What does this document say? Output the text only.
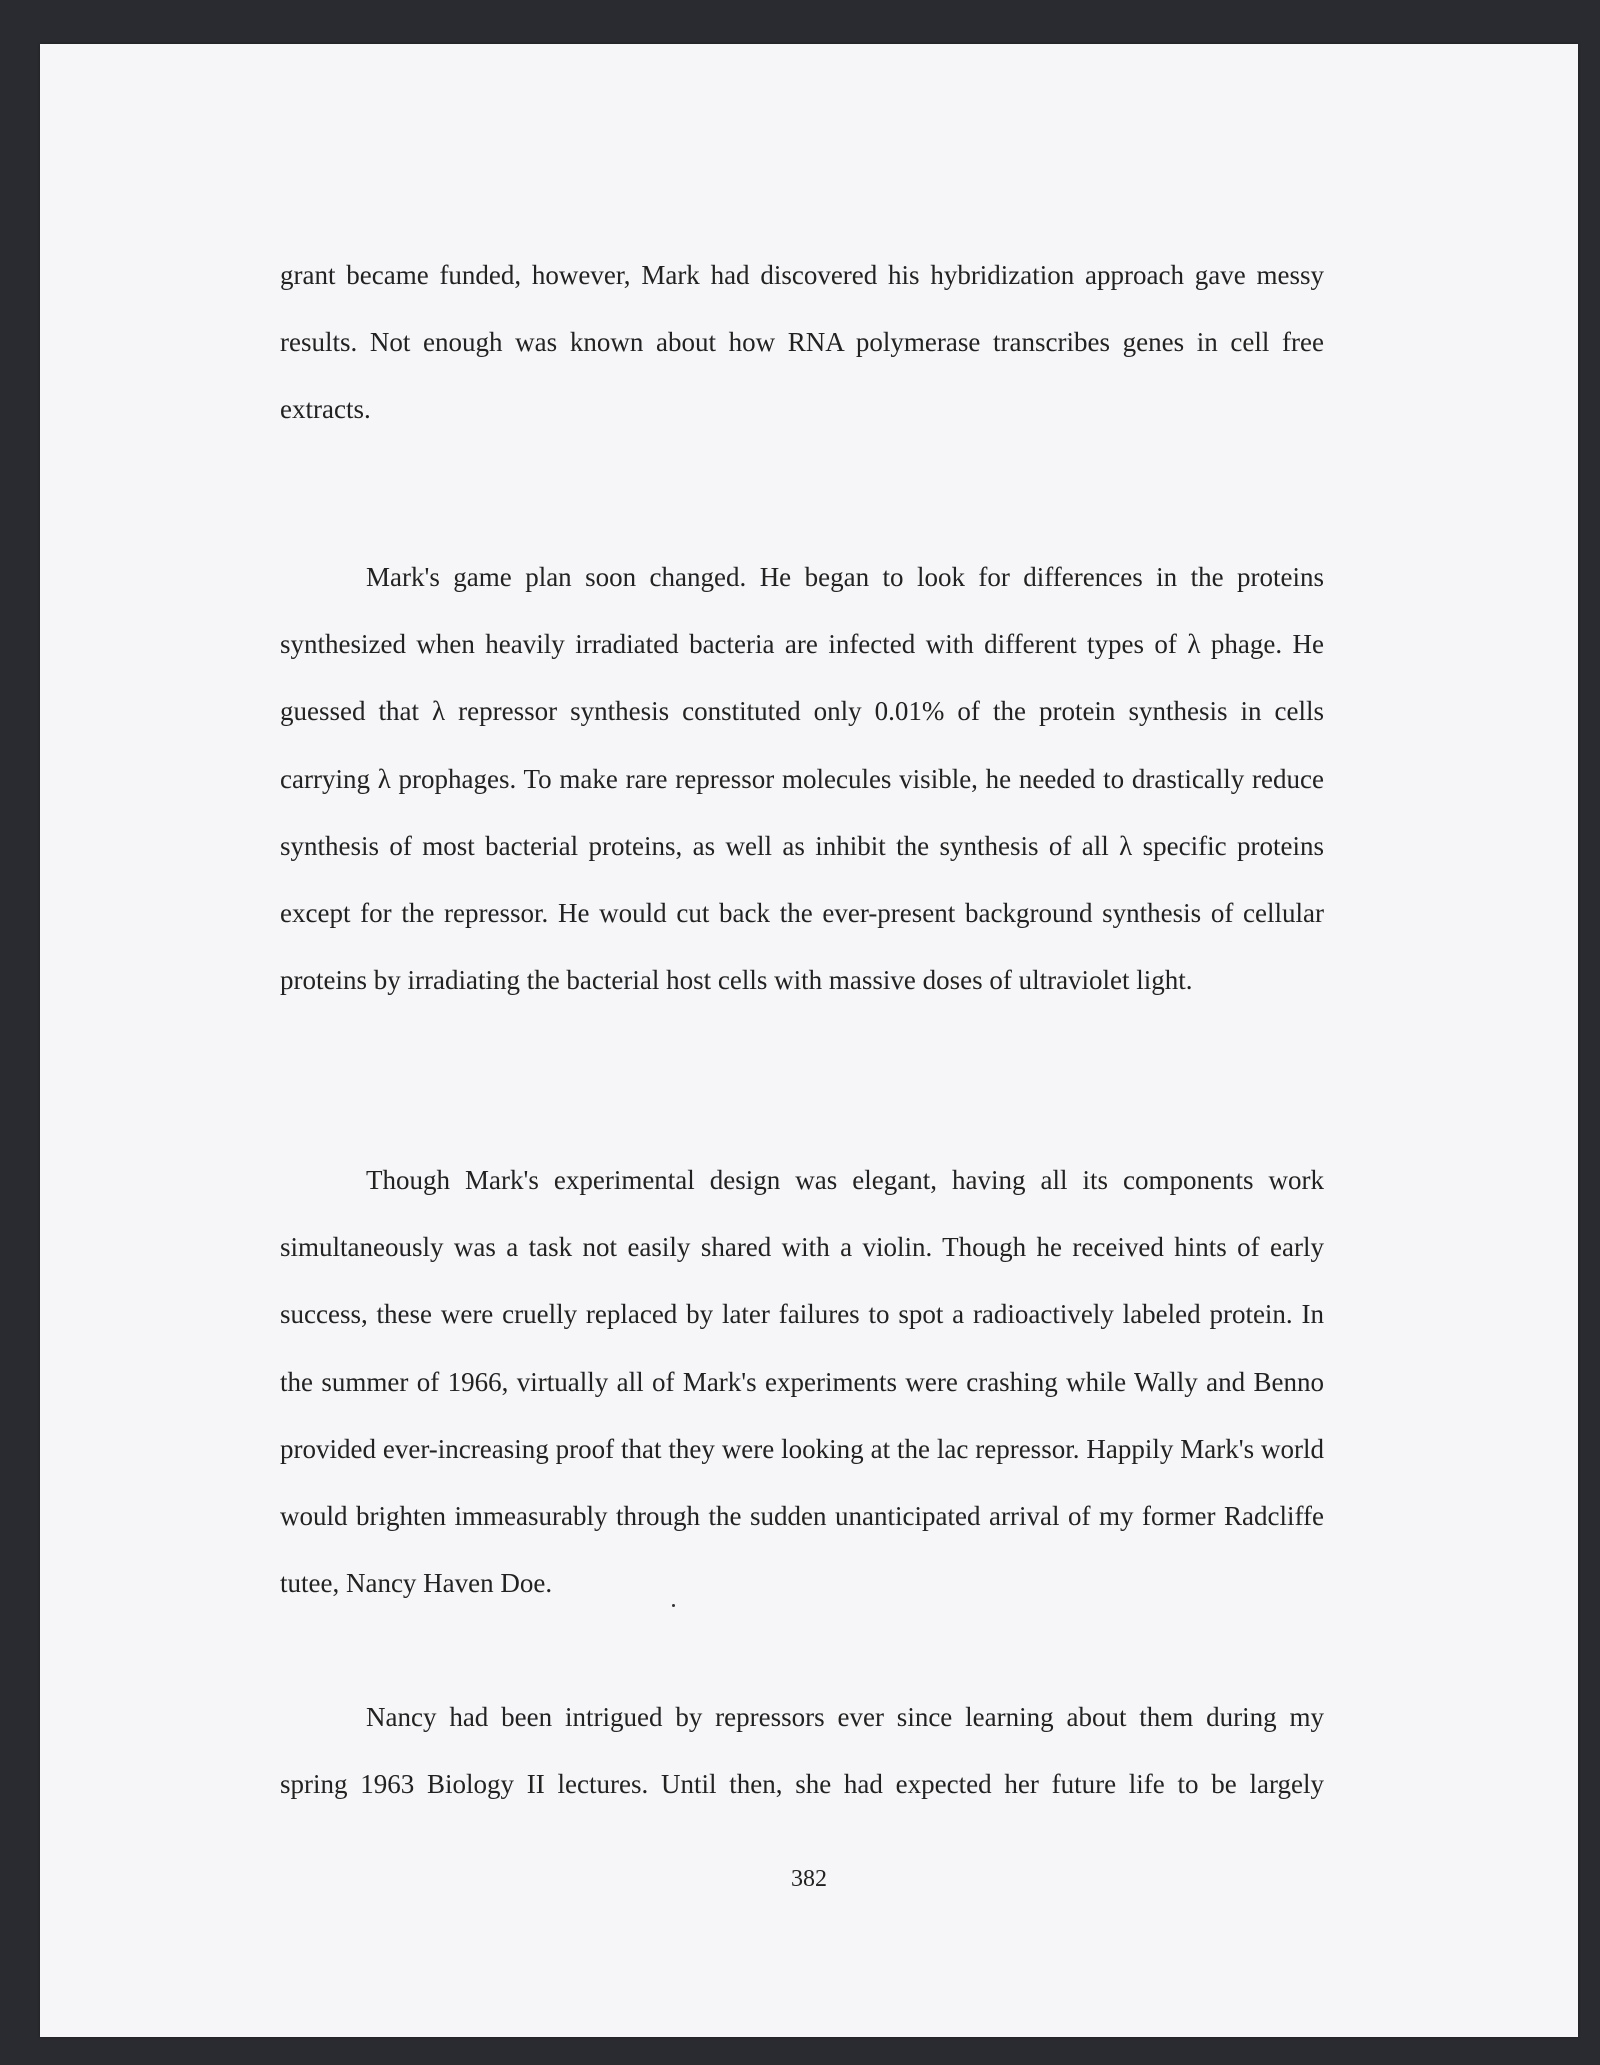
grant became funded, however, Mark had discovered his hybridization approach gave messy results. Not enough was known about how RNA polymerase transcribes genes in cell free extracts.

Mark's game plan soon changed. He began to look for differences in the proteins synthesized when heavily irradiated bacteria are infected with different types of λ phage. He guessed that λ repressor synthesis constituted only 0.01% of the protein synthesis in cells carrying λ prophages. To make rare repressor molecules visible, he needed to drastically reduce synthesis of most bacterial proteins, as well as inhibit the synthesis of all λ specific proteins except for the repressor. He would cut back the ever-present background synthesis of cellular proteins by irradiating the bacterial host cells with massive doses of ultraviolet light.

Though Mark's experimental design was elegant, having all its components work simultaneously was a task not easily shared with a violin. Though he received hints of early success, these were cruelly replaced by later failures to spot a radioactively labeled protein. In the summer of 1966, virtually all of Mark's experiments were crashing while Wally and Benno provided ever-increasing proof that they were looking at the lac repressor. Happily Mark's world would brighten immeasurably through the sudden unanticipated arrival of my former Radcliffe tutee, Nancy Haven Doe.

Nancy had been intrigued by repressors ever since learning about them during my spring 1963 Biology II lectures. Until then, she had expected her future life to be largely

382
